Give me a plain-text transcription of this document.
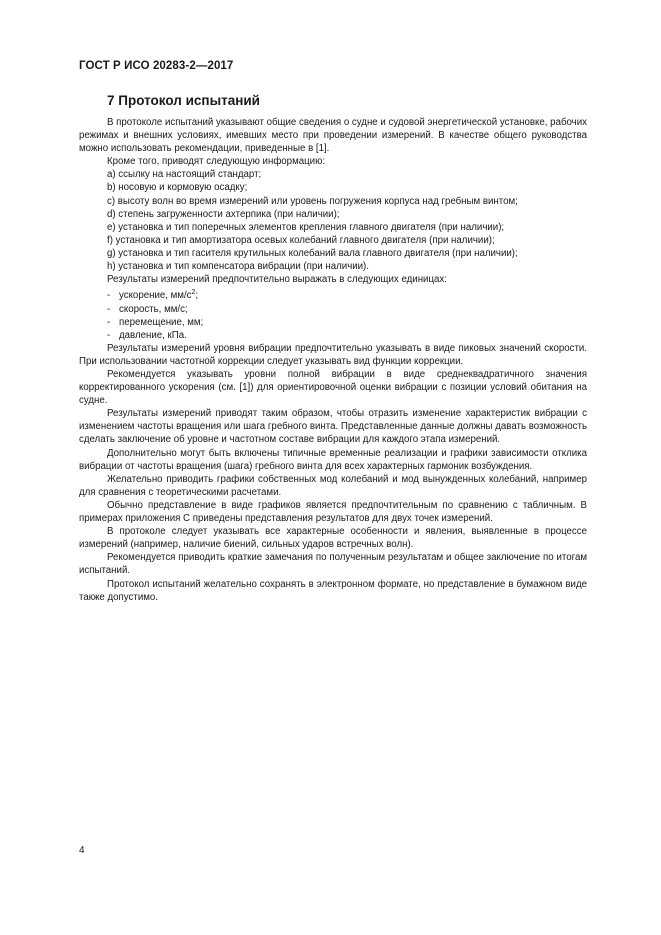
ГОСТ Р ИСО 20283-2—2017
7 Протокол испытаний

В протоколе испытаний указывают общие сведения о судне и судовой энергетической установке, рабочих режимах и внешних условиях, имевших место при проведении измерений. В качестве общего руководства можно использовать рекомендации, приведенные в [1].

Кроме того, приводят следующую информацию:

a) ссылку на настоящий стандарт;

b) носовую и кормовую осадку;

c) высоту волн во время измерений или уровень погружения корпуса над гребным винтом;

d) степень загруженности ахтерпика (при наличии);

e) установка и тип поперечных элементов крепления главного двигателя (при наличии);

f) установка и тип амортизатора осевых колебаний главного двигателя (при наличии);

g) установка и тип гасителя крутильных колебаний вала главного двигателя (при наличии);

h) установка и тип компенсатора вибрации (при наличии).

Результаты измерений предпочтительно выражать в следующих единицах:

- ускорение, $мм/с^2$;

- скорость, мм/с;

- перемещение, мм;

- давление, кПа.

Результаты измерений уровня вибрации предпочтительно указывать в виде пиковых значений скорости. При использовании частотной коррекции следует указывать вид функции коррекции.

Рекомендуется указывать уровни полной вибрации в виде среднеквадратичного значения корректированного ускорения (см. [1]) для ориентировочной оценки вибрации с позиции условий обитания на судне.

Результаты измерений приводят таким образом, чтобы отразить изменение характеристик вибрации с изменением частоты вращения или шага гребного винта. Представленные данные должны давать возможность сделать заключение об уровне и частотном составе вибрации для каждого этапа измерений.

Дополнительно могут быть включены типичные временные реализации и графики зависимости отклика вибрации от частоты вращения (шага) гребного винта для всех характерных гармоник возбуждения.

Желательно приводить графики собственных мод колебаний и мод вынужденных колебаний, например для сравнения с теоретическими расчетами.

Обычно представление в виде графиков является предпочтительным по сравнению с табличным. В примерах приложения С приведены представления результатов для двух точек измерений.

В протоколе следует указывать все характерные особенности и явления, выявленные в процессе измерений (например, наличие биений, сильных ударов встречных волн).

Рекомендуется приводить краткие замечания по полученным результатам и общее заключение по итогам испытаний.

Протокол испытаний желательно сохранять в электронном формате, но представление в бумажном виде также допустимо.

4
